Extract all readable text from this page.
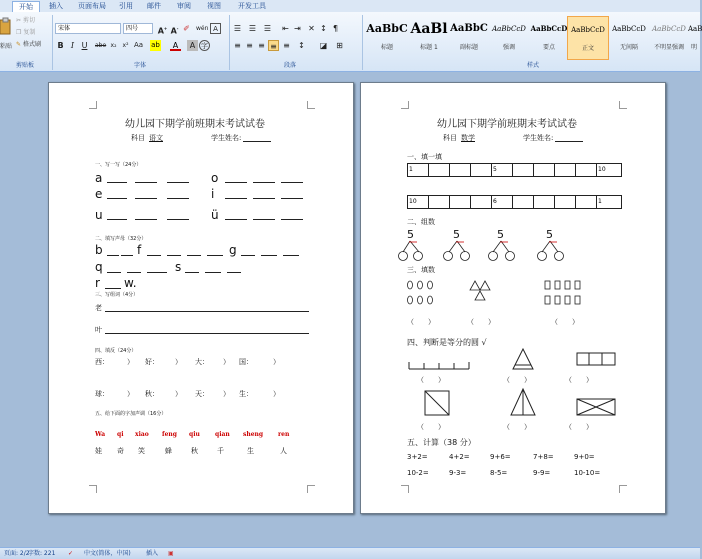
开始	插入	页面布局	引用	邮件	审阅	视图	开发工具
粘贴
✂ 剪切
❐ 复制
✎ 格式刷
剪贴板
宋体	四号	A+ A- ✐	wén A
B I U	abe x₂	x² Aa ab	A	A 字
字体
☰ ☰ ☰ ⇤ ⇥ ✕ ↕ ¶
≡ ≡ ≡ ≡ ≡ ↕ ◪ ⊞
段落
AaBbC
标题
AaBl
标题 1
AaBbC
副标题
AaBbCcD
强调
AaBbCcD
要点
AaBbCcD
正文
AaBbCcD
无间隔
AaBbCcD
不明显强调
AaB
明
样式
幼儿园下期学前班期末考试试卷
科目 语文	学生姓名:
一、写一写（24分）
a	o
e	i
u	ü
二、填写声母（32分）
b	f	g
q	s
r w.
三、写组词（4分）
老
叶
四、填反（24分）
西：	好：	大：	国：
球：	秋：	天：	生：
）	）	）	）
）	）	）	）
五、给下面的字加声调（16分）
Wa qi xiao feng qiu	qian sheng ren
娃 奇 笑	蜂	秋	千	生	人
幼儿园下期学前班期末考试试卷
科目 数学	学生姓名:
一、填一填
1	5	10
10	6	1
二、组数
5	5	5	5
三、填数
（　　）	（　　）	（　　）
四、判断是等分的圆 √
（　　）	（　　）	（　　）
（　　）	（　　）	（　　）
五、计算（38 分）
3+2=	4+2=	9+6=	7+8=	9+0=
10-2=	9-3=	8-5=	9-9=	10-10=
页面: 2/2
字数: 221 ✓ 中文(简体，中国)	插入 ▣
